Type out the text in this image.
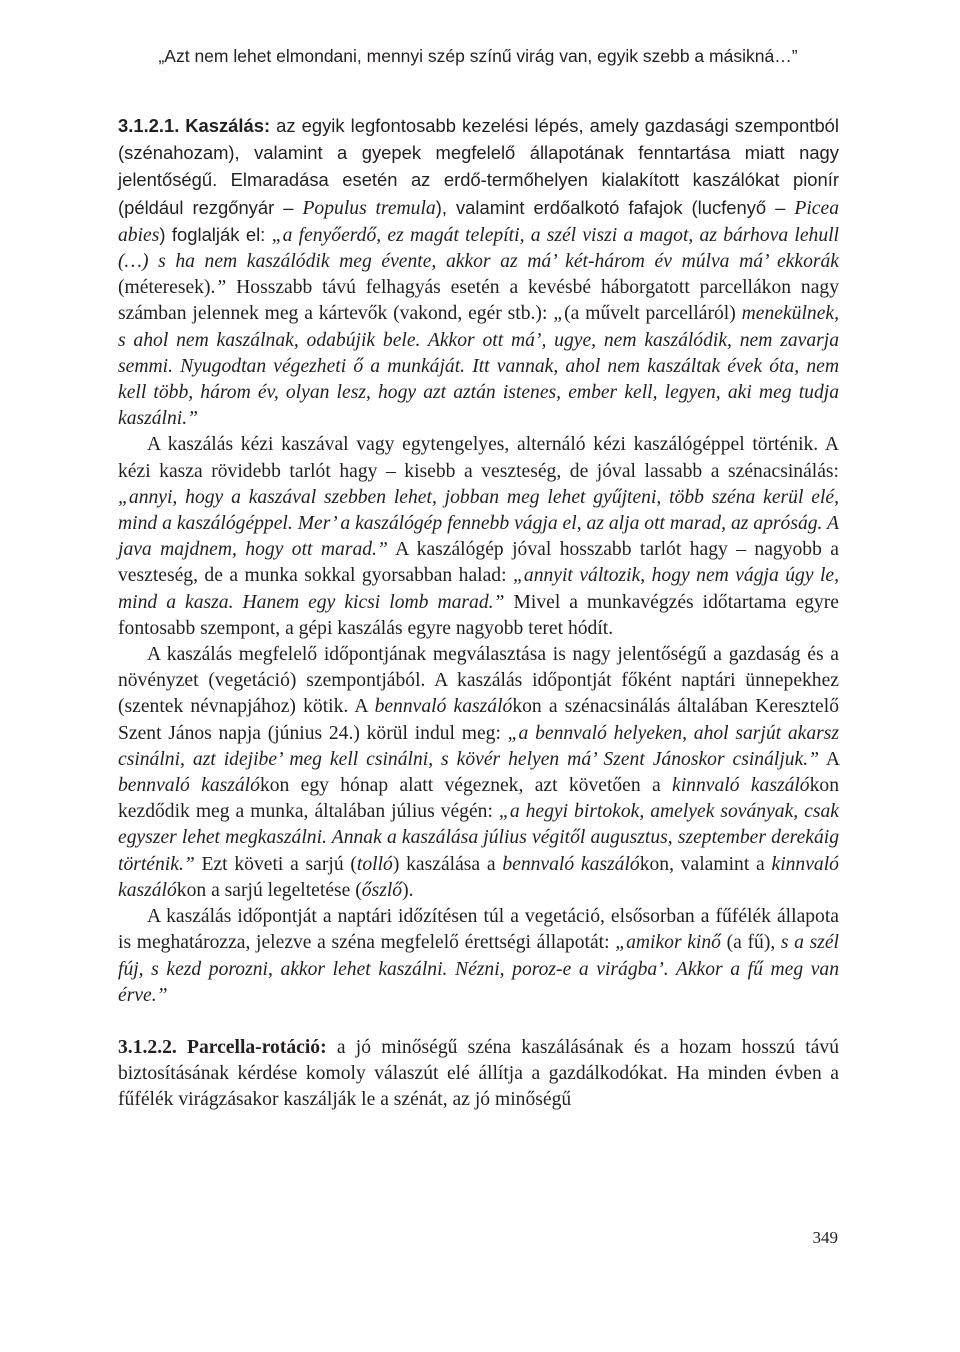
„Azt nem lehet elmondani, mennyi szép színű virág van, egyik szebb a másikná…”

3.1.2.1. Kaszálás: az egyik legfontosabb kezelési lépés, amely gazdasági szempontból (szénahozam), valamint a gyepek megfelelő állapotának fenntartása miatt nagy jelentőségű. Elmaradása esetén az erdő-termőhelyen kialakított kaszálókat pionír (például rezgőnyár – Populus tremula), valamint erdőalkotó fafajok (lucfenyő – Picea abies) foglalják el: „a fenyőerdő, ez magát telepíti, a szél viszi a magot, az bárhova lehull (…) s ha nem kaszálódik meg évente, akkor az má’ két-három év múlva má’ ekkorák (méteresek).” Hosszabb távú felhagyás esetén a kevésbé háborgatott parcellákon nagy számban jelennek meg a kártevők (vakond, egér stb.): „(a művelt parcelláról) menekülnek, s ahol nem kaszálnak, odabújik bele. Akkor ott má’, ugye, nem kaszálódik, nem zavarja semmi. Nyugodtan végezheti ő a munkáját. Itt vannak, ahol nem kaszáltak évek óta, nem kell több, három év, olyan lesz, hogy azt aztán istenes, ember kell, legyen, aki meg tudja kaszálni.”

A kaszálás kézi kaszával vagy egytengelyes, alternáló kézi kaszálógéppel történik. A kézi kasza rövidebb tarlót hagy – kisebb a veszteség, de jóval lassabb a szénacsinálás: „annyi, hogy a kaszával szebben lehet, jobban meg lehet gyűjteni, több széna kerül elé, mind a kaszálógéppel. Mer’ a kaszálógép fennebb vágja el, az alja ott marad, az apróság. A java majdnem, hogy ott marad.” A kaszálógép jóval hosszabb tarlót hagy – nagyobb a veszteség, de a munka sokkal gyorsabban halad: „annyit változik, hogy nem vágja úgy le, mind a kasza. Hanem egy kicsi lomb marad.” Mivel a munkavégzés időtartama egyre fontosabb szempont, a gépi kaszálás egyre nagyobb teret hódít.

A kaszálás megfelelő időpontjának megválasztása is nagy jelentőségű a gazdaság és a növényzet (vegetáció) szempontjából. A kaszálás időpontját főként naptári ünnepekhez (szentek névnapjához) kötik. A bennvaló kaszálókon a szénacsinálás általában Keresztelő Szent János napja (június 24.) körül indul meg: „a bennvaló helyeken, ahol sarjút akarsz csinálni, azt idejibe’ meg kell csinálni, s kövér helyen má’ Szent Jánoskor csináljuk.” A bennvaló kaszálókon egy hónap alatt végeznek, azt követően a kinnvaló kaszálókon kezdődik meg a munka, általában július végén: „a hegyi birtokok, amelyek soványak, csak egyszer lehet megkaszálni. Annak a kaszálása július végitől augusztus, szeptember derekáig történik.” Ezt követi a sarjú (tolló) kaszálása a bennvaló kaszálókon, valamint a kinnvaló kaszálókon a sarjú legeltetése (őszlő).

A kaszálás időpontját a naptári időzítésen túl a vegetáció, elsősorban a fűfélék állapota is meghatározza, jelezve a széna megfelelő érettségi állapotát: „amikor kinő (a fű), s a szél fúj, s kezd porozni, akkor lehet kaszálni. Nézni, poroz-e a virágba’. Akkor a fű meg van érve.”

3.1.2.2. Parcella-rotáció: a jó minőségű széna kaszálásának és a hozam hosszú távú biztosításának kérdése komoly válaszút elé állítja a gazdálkodókat. Ha minden évben a fűfélék virágzásakor kaszálják le a szénát, az jó minőségű

349
